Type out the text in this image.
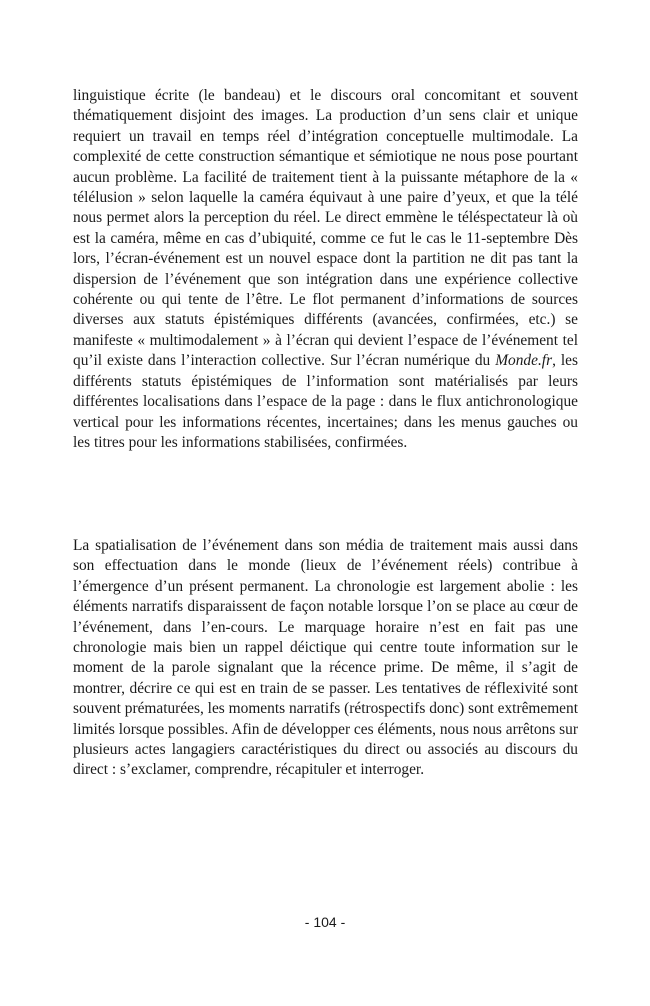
linguistique écrite (le bandeau) et le discours oral concomitant et souvent thématiquement disjoint des images. La production d’un sens clair et unique requiert un travail en temps réel d’intégration conceptuelle multimodale. La complexité de cette construction sémantique et sémiotique ne nous pose pourtant aucun problème. La facilité de traitement tient à la puissante métaphore de la « télélusion » selon laquelle la caméra équivaut à une paire d’yeux, et que la télé nous permet alors la perception du réel. Le direct emmène le téléspectateur là où est la caméra, même en cas d’ubiquité, comme ce fut le cas le 11-septembre Dès lors, l’écran-événement est un nouvel espace dont la partition ne dit pas tant la dispersion de l’événement que son intégration dans une expérience collective cohérente ou qui tente de l’être. Le flot permanent d’informations de sources diverses aux statuts épistémiques différents (avancées, confirmées, etc.) se manifeste « multimodalement » à l’écran qui devient l’espace de l’événement tel qu’il existe dans l’interaction collective. Sur l’écran numérique du Monde.fr, les différents statuts épistémiques de l’information sont matérialisés par leurs différentes localisations dans l’espace de la page : dans le flux antichronologique vertical pour les informations récentes, incertaines; dans les menus gauches ou les titres pour les informations stabilisées, confirmées.

La spatialisation de l’événement dans son média de traitement mais aussi dans son effectuation dans le monde (lieux de l’événement réels) contribue à l’émergence d’un présent permanent. La chronologie est largement abolie : les éléments narratifs disparaissent de façon notable lorsque l’on se place au cœur de l’événement, dans l’en-cours. Le marquage horaire n’est en fait pas une chronologie mais bien un rappel déictique qui centre toute information sur le moment de la parole signalant que la récence prime. De même, il s’agit de montrer, décrire ce qui est en train de se passer. Les tentatives de réflexivité sont souvent prématurées, les moments narratifs (rétrospectifs donc) sont extrêmement limités lorsque possibles. Afin de développer ces éléments, nous nous arrêtons sur plusieurs actes langagiers caractéristiques du direct ou associés au discours du direct : s’exclamer, comprendre, récapituler et interroger.

- 104 -
